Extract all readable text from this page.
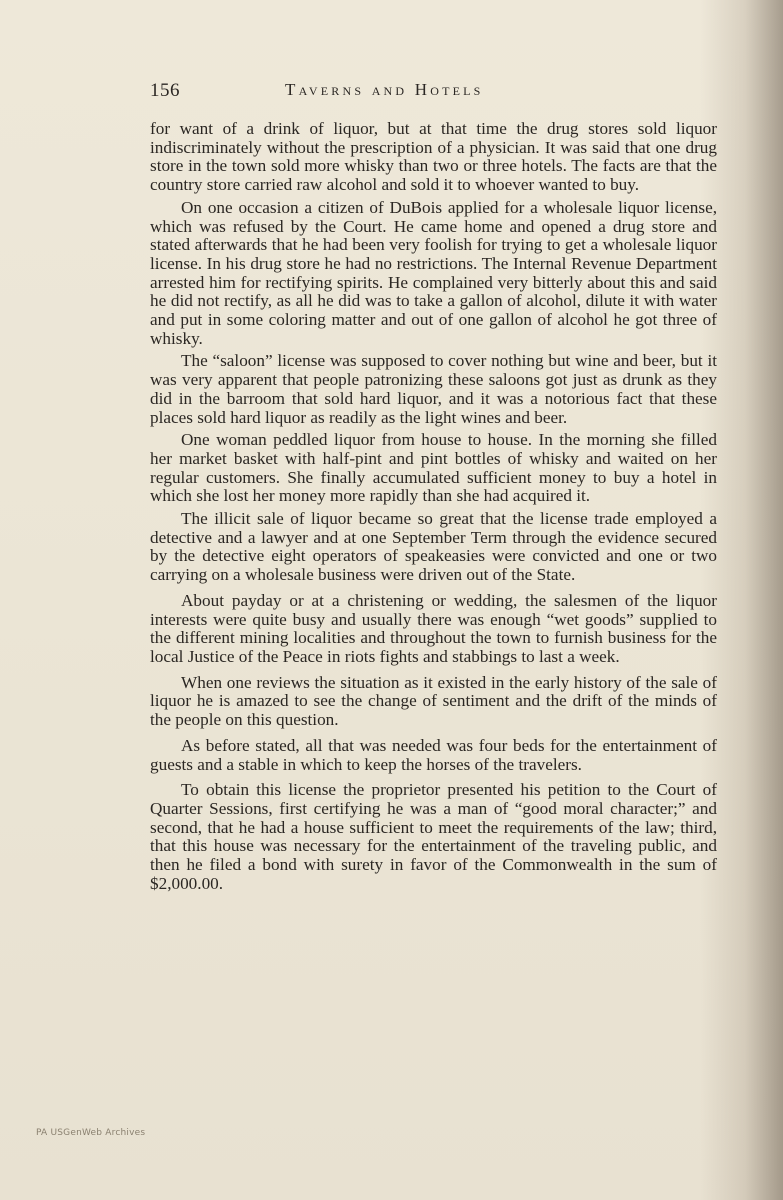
156	Taverns and Hotels

for want of a drink of liquor, but at that time the drug stores sold liquor indiscriminately without the prescription of a physician. It was said that one drug store in the town sold more whisky than two or three hotels. The facts are that the country store carried raw alcohol and sold it to whoever wanted to buy.

On one occasion a citizen of DuBois applied for a wholesale liquor license, which was refused by the Court. He came home and opened a drug store and stated afterwards that he had been very foolish for trying to get a wholesale liquor license. In his drug store he had no restrictions. The Internal Revenue Department arrested him for rectifying spirits. He complained very bitterly about this and said he did not rectify, as all he did was to take a gallon of alcohol, dilute it with water and put in some coloring matter and out of one gallon of alcohol he got three of whisky.

The “saloon” license was supposed to cover nothing but wine and beer, but it was very apparent that people patronizing these saloons got just as drunk as they did in the barroom that sold hard liquor, and it was a notorious fact that these places sold hard liquor as readily as the light wines and beer.

One woman peddled liquor from house to house. In the morning she filled her market basket with half-pint and pint bottles of whisky and waited on her regular customers. She finally accumulated sufficient money to buy a hotel in which she lost her money more rapidly than she had acquired it.

The illicit sale of liquor became so great that the license trade employed a detective and a lawyer and at one September Term through the evidence secured by the detective eight operators of speakeasies were convicted and one or two carrying on a wholesale business were driven out of the State.

About payday or at a christening or wedding, the salesmen of the liquor interests were quite busy and usually there was enough “wet goods” supplied to the different mining localities and throughout the town to furnish business for the local Justice of the Peace in riots fights and stabbings to last a week.

When one reviews the situation as it existed in the early history of the sale of liquor he is amazed to see the change of sentiment and the drift of the minds of the people on this question.

As before stated, all that was needed was four beds for the entertainment of guests and a stable in which to keep the horses of the travelers.

To obtain this license the proprietor presented his petition to the Court of Quarter Sessions, first certifying he was a man of “good moral character;” and second, that he had a house sufficient to meet the requirements of the law; third, that this house was necessary for the entertainment of the traveling public, and then he filed a bond with surety in favor of the Commonwealth in the sum of $2,000.00.

PA USGenWeb Archives
